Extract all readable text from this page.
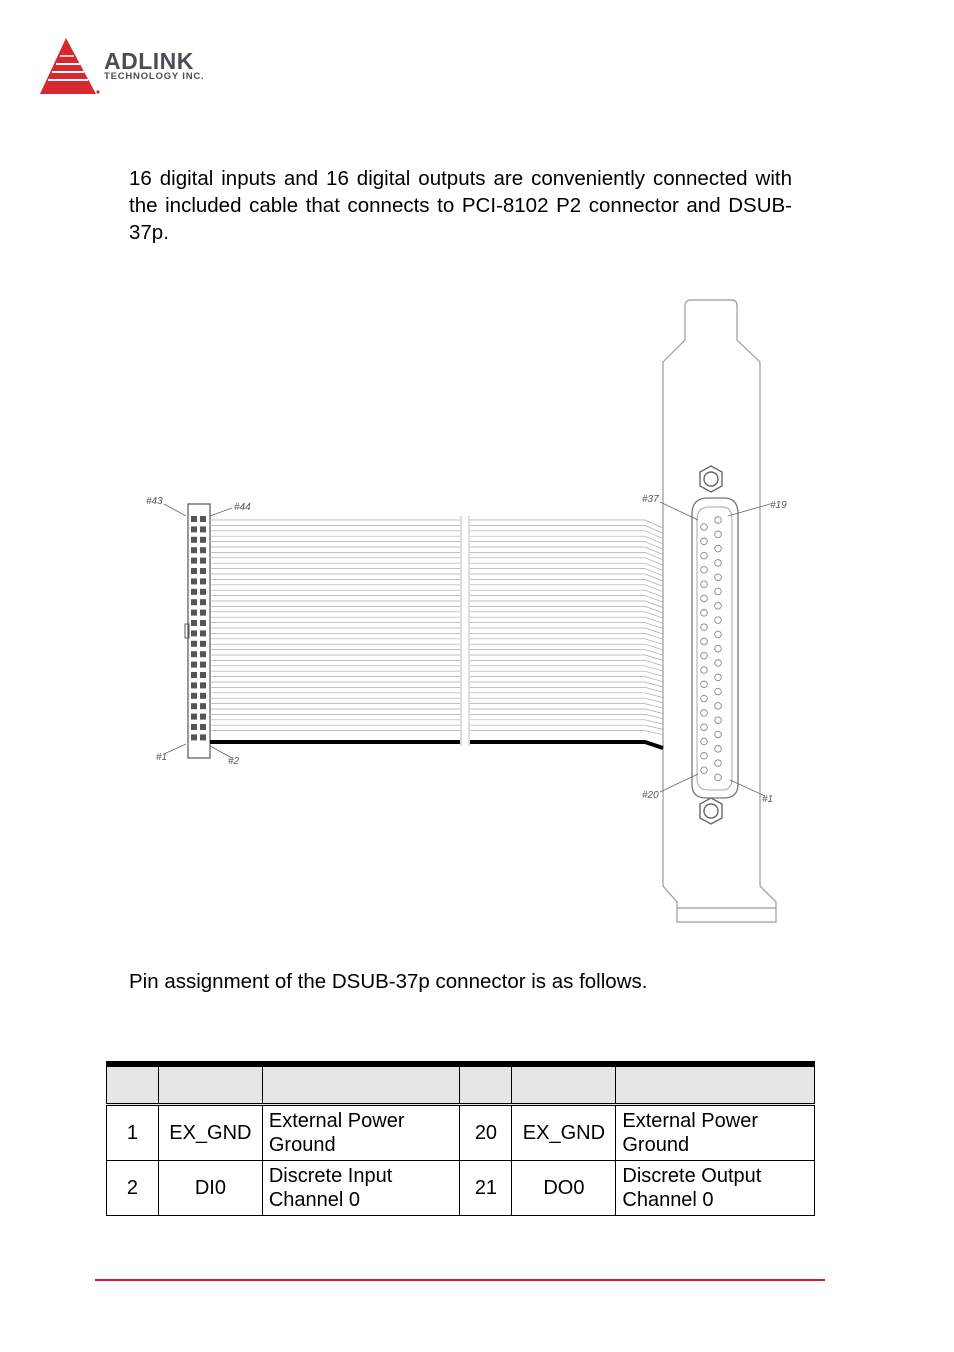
ADLINK
TECHNOLOGY INC.
16 digital inputs and 16 digital outputs are conveniently connected with the included cable that connects to PCI-8102 P2 connector and DSUB-37p.
#43
#44
#1	#2
#37
#19
#20	#1
Pin assignment of the DSUB-37p connector is as follows.

1	EX_GND	External Power Ground	20	EX_GND	External Power Ground
2	DI0	Discrete Input Channel 0	21	DO0	Discrete Output Channel 0
